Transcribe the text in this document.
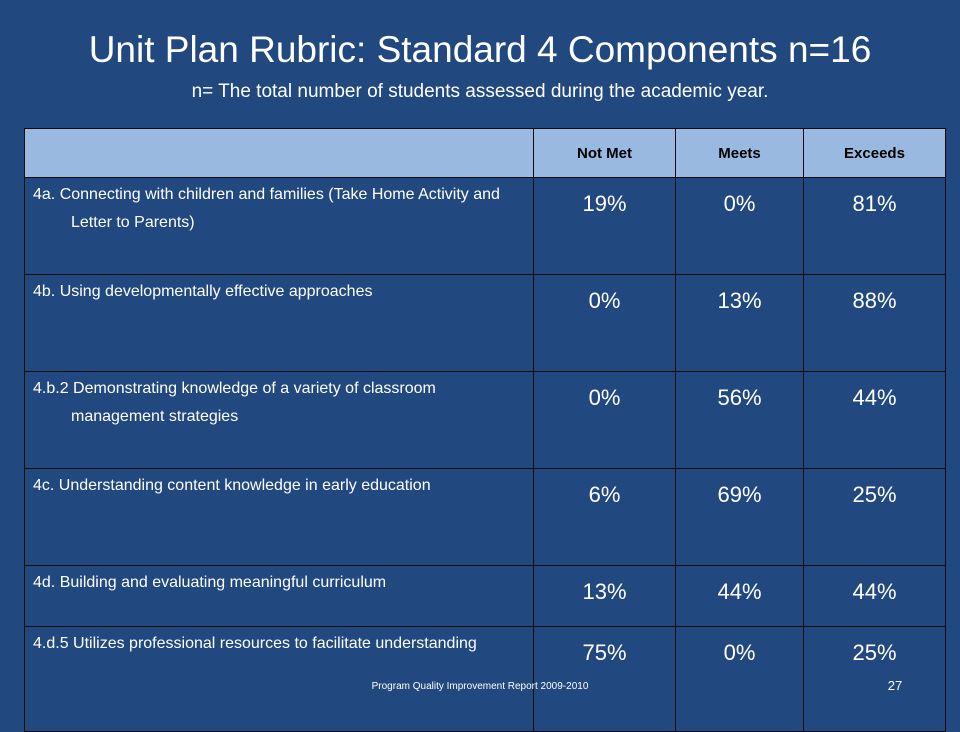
Unit Plan Rubric: Standard 4 Components n=16
n= The total number of students assessed during the academic year.
	Not Met	Meets	Exceeds

4a. Connecting with children and families (Take Home Activity and Letter to Parents)	19%	0%	81%

4b. Using developmentally effective approaches	0%	13%	88%

4.b.2 Demonstrating knowledge of a variety of classroom management strategies	0%	56%	44%

4c. Understanding content knowledge in early education	6%	69%	25%

4d. Building and evaluating meaningful curriculum	13%	44%	44%

4.d.5 Utilizes professional resources to facilitate understanding	75%	0%	25%
Program Quality Improvement Report 2009-2010	27
